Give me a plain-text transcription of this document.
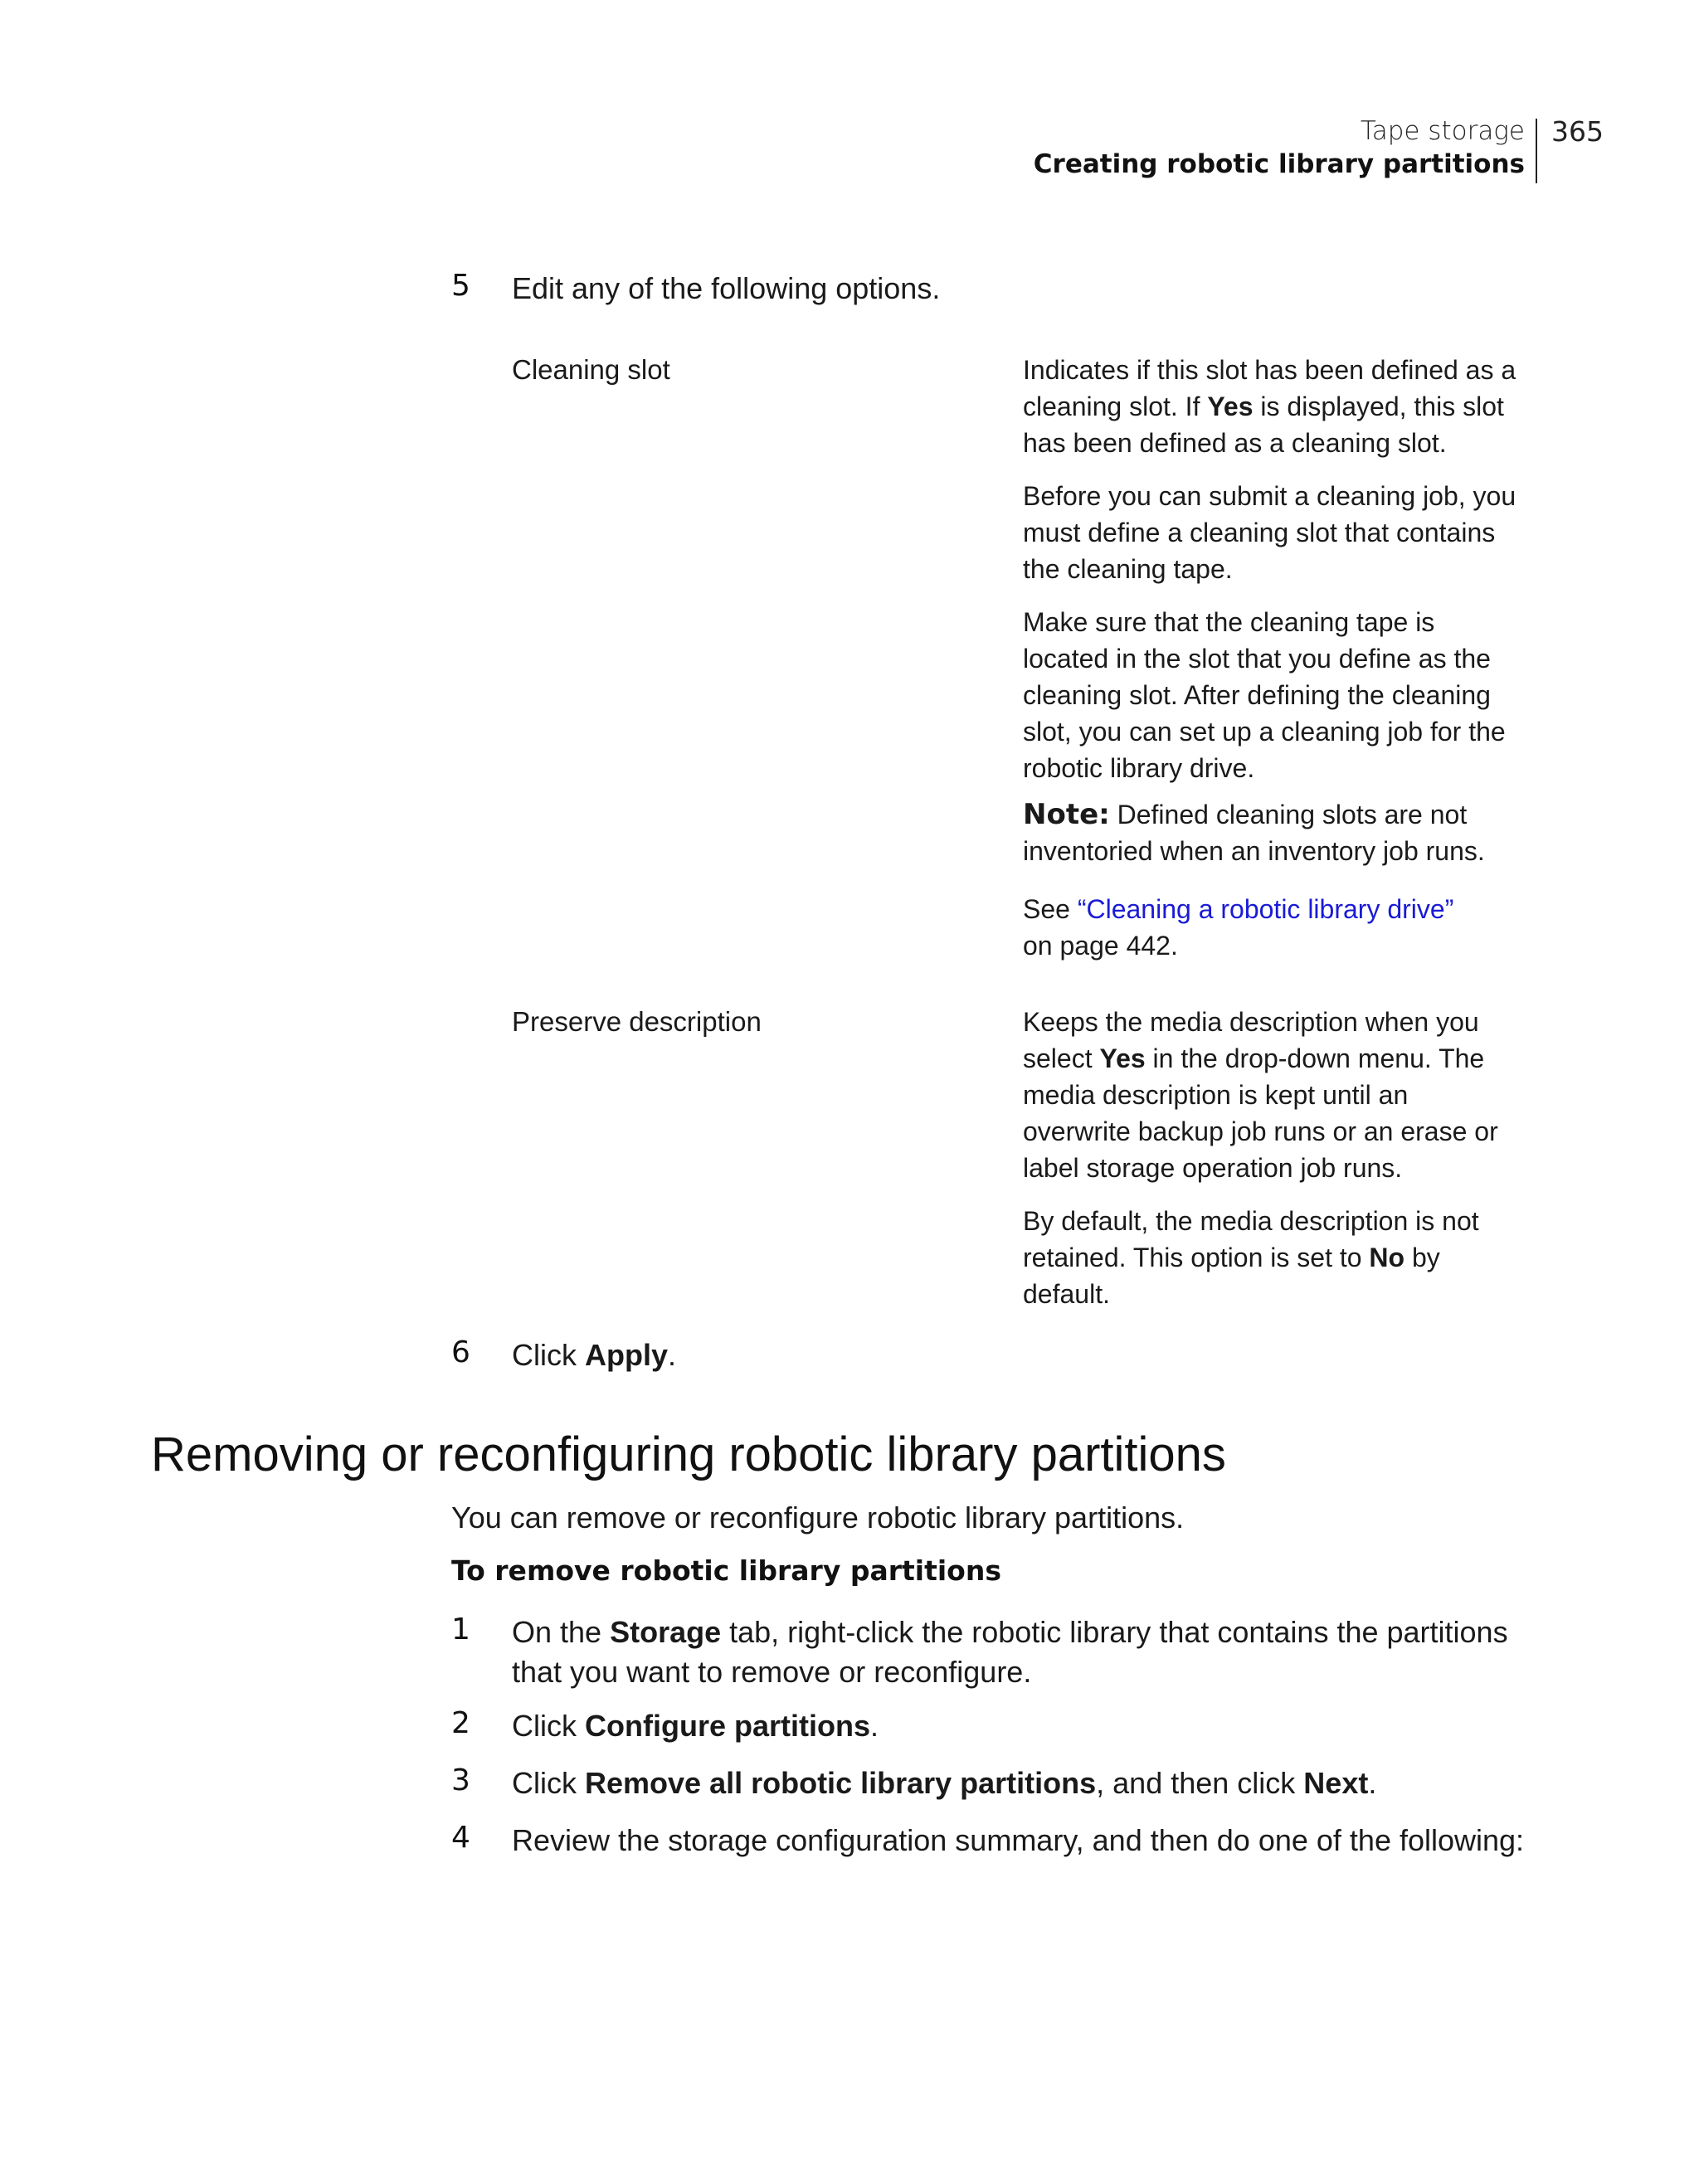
Tape storage
Creating robotic library partitions
365
5 Edit any of the following options.
Cleaning slot	Indicates if this slot has been defined as a cleaning slot. If Yes is displayed, this slot has been defined as a cleaning slot.

Before you can submit a cleaning job, you must define a cleaning slot that contains the cleaning tape.

Make sure that the cleaning tape is located in the slot that you define as the cleaning slot. After defining the cleaning slot, you can set up a cleaning job for the robotic library drive.

Note: Defined cleaning slots are not inventoried when an inventory job runs.

See “Cleaning a robotic library drive”
on page 442.

Preserve description	Keeps the media description when you select Yes in the drop-down menu. The media description is kept until an overwrite backup job runs or an erase or label storage operation job runs.

By default, the media description is not retained. This option is set to No by default.

6 Click Apply.
Removing or reconfiguring robotic library partitions
You can remove or reconfigure robotic library partitions.
To remove robotic library partitions
1 On the Storage tab, right-click the robotic library that contains the partitions that you want to remove or reconfigure.
2 Click Configure partitions.
3 Click Remove all robotic library partitions, and then click Next.
4 Review the storage configuration summary, and then do one of the following:
